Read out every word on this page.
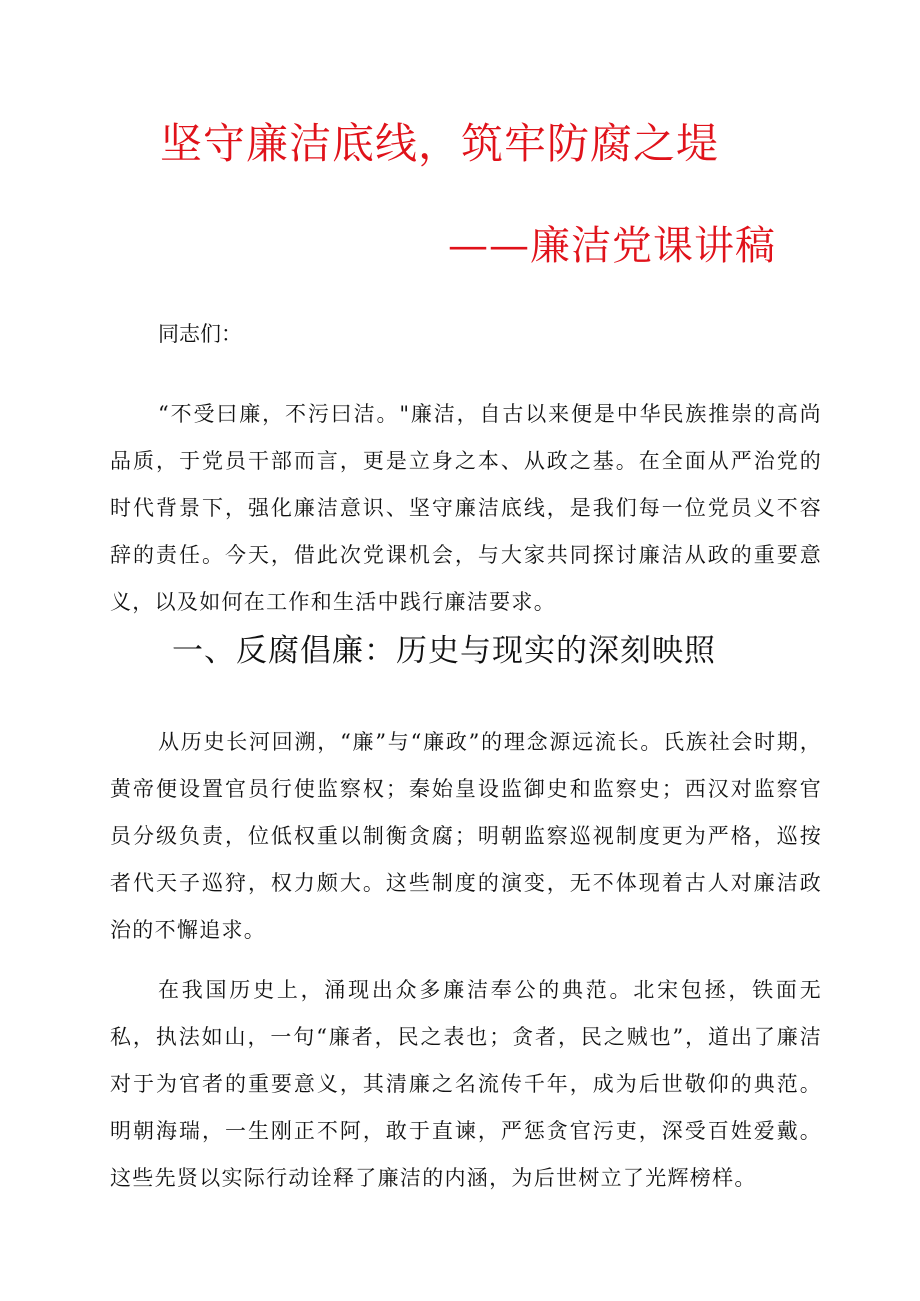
坚守廉洁底线，筑牢防腐之堤
——廉洁党课讲稿
同志们：

“不受曰廉，不污曰洁。"廉洁，自古以来便是中华民族推崇的高尚品质，于党员干部而言，更是立身之本、从政之基。在全面从严治党的时代背景下，强化廉洁意识、坚守廉洁底线，是我们每一位党员义不容辞的责任。今天，借此次党课机会，与大家共同探讨廉洁从政的重要意义，以及如何在工作和生活中践行廉洁要求。

一、反腐倡廉：历史与现实的深刻映照

从历史长河回溯，“廉”与“廉政”的理念源远流长。氏族社会时期，黄帝便设置官员行使监察权；秦始皇设监御史和监察史；西汉对监察官员分级负责，位低权重以制衡贪腐；明朝监察巡视制度更为严格，巡按者代天子巡狩，权力颇大。这些制度的演变，无不体现着古人对廉洁政治的不懈追求。

在我国历史上，涌现出众多廉洁奉公的典范。北宋包拯，铁面无私，执法如山，一句“廉者，民之表也；贪者，民之贼也”，道出了廉洁对于为官者的重要意义，其清廉之名流传千年，成为后世敬仰的典范。明朝海瑞，一生刚正不阿，敢于直谏，严惩贪官污吏，深受百姓爱戴。这些先贤以实际行动诠释了廉洁的内涵，为后世树立了光辉榜样。
